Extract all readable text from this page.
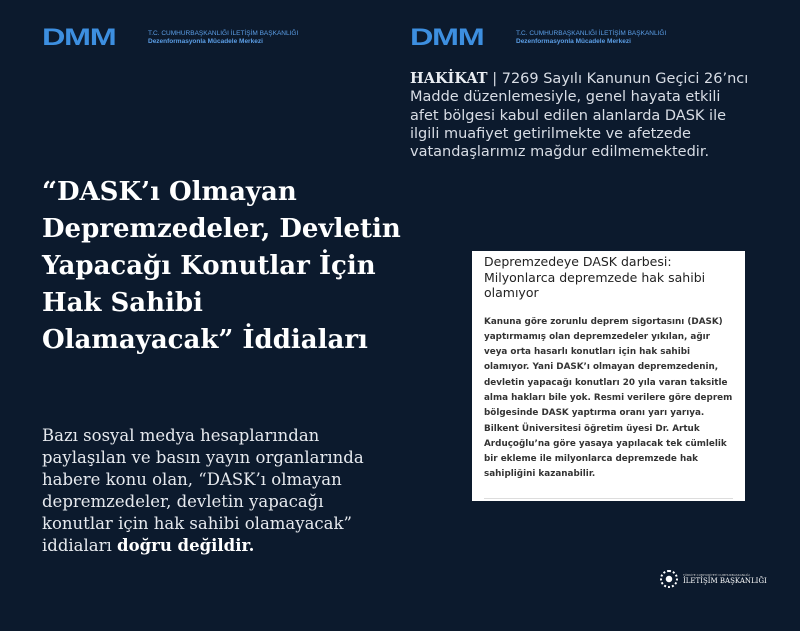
DMM	T.C. CUMHURBAŞKANLIĞI İLETİŞİM BAŞKANLIĞI
Dezenformasyonla Mücadele Merkezi	DMM	T.C. CUMHURBAŞKANLIĞI İLETİŞİM BAŞKANLIĞI
Dezenformasyonla Mücadele Merkezi
“DASK’ı Olmayan Depremzedeler, Devletin Yapacağı Konutlar İçin Hak Sahibi Olamayacak” İddiaları
Bazı sosyal medya hesaplarından paylaşılan ve basın yayın organlarında habere konu olan, “DASK’ı olmayan depremzedeler, devletin yapacağı konutlar için hak sahibi olamayacak” iddiaları doğru değildir.
HAKİKAT | 7269 Sayılı Kanunun Geçici 26’ncı Madde düzenlemesiyle, genel hayata etkili afet bölgesi kabul edilen alanlarda DASK ile ilgili muafiyet getirilmekte ve afetzede vatandaşlarımız mağdur edilmemektedir.
Depremzedeye DASK darbesi: Milyonlarca depremzede hak sahibi olamıyor

Kanuna göre zorunlu deprem sigortasını (DASK) yaptırmamış olan depremzedeler yıkılan, ağır veya orta hasarlı konutları için hak sahibi olamıyor. Yani DASK’ı olmayan depremzedenin, devletin yapacağı konutları 20 yıla varan taksitle alma hakları bile yok. Resmi verilere göre deprem bölgesinde DASK yaptırma oranı yarı yarıya. Bilkent Üniversitesi öğretim üyesi Dr. Artuk Arduçoğlu’na göre yasaya yapılacak tek cümlelik bir ekleme ile milyonlarca depremzede hak sahipliğini kazanabilir.

TÜRKİYE CUMHURİYETİ CUMHURBAŞKANLIĞI
İLETİŞİM BAŞKANLIĞI
